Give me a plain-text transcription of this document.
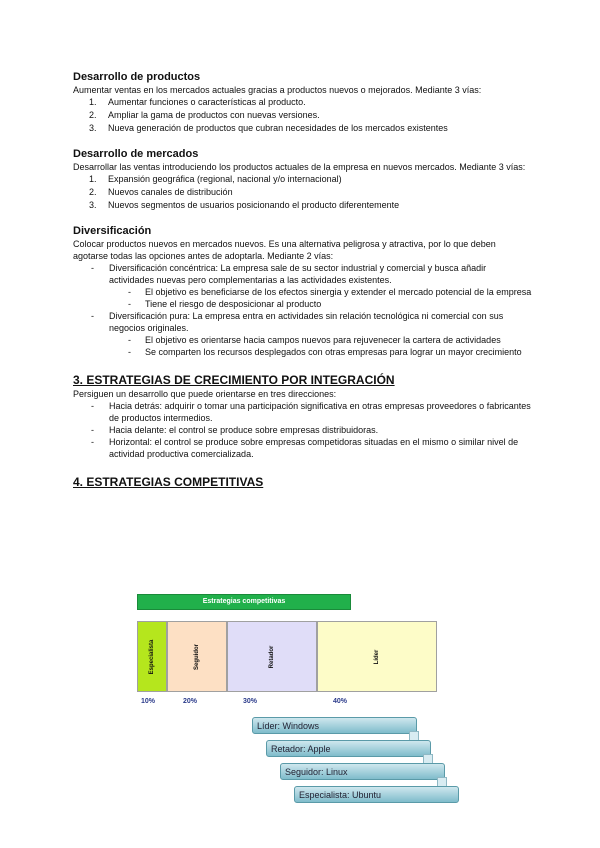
Desarrollo de productos

Aumentar ventas en los mercados actuales gracias a productos nuevos o mejorados. Mediante 3 vías:

1. Aumentar funciones o características al producto.
2. Ampliar la gama de productos con nuevas versiones.
3. Nueva generación de productos que cubran necesidades de los mercados existentes

Desarrollo de mercados

Desarrollar las ventas introduciendo los productos actuales de la empresa en nuevos mercados. Mediante 3 vías:

1. Expansión geográfica (regional, nacional y/o internacional)
2. Nuevos canales de distribución
3. Nuevos segmentos de usuarios posicionando el producto diferentemente

Diversificación

Colocar productos nuevos en mercados nuevos. Es una alternativa peligrosa y atractiva, por lo que deben agotarse todas las opciones antes de adoptarla. Mediante 2 vías:

- Diversificación concéntrica: La empresa sale de su sector industrial y comercial y busca añadir actividades nuevas pero complementarias a las actividades existentes.
- El objetivo es beneficiarse de los efectos sinergia y extender el mercado potencial de la empresa
- Tiene el riesgo de desposicionar al producto
- Diversificación pura: La empresa entra en actividades sin relación tecnológica ni comercial con sus negocios originales.
- El objetivo es orientarse hacia campos nuevos para rejuvenecer la cartera de actividades
- Se comparten los recursos desplegados con otras empresas para lograr un mayor crecimiento

3. ESTRATEGIAS DE CRECIMIENTO POR INTEGRACIÓN

Persiguen un desarrollo que puede orientarse en tres direcciones:

- Hacia detrás: adquirir o tomar una participación significativa en otras empresas proveedores o fabricantes de productos intermedios.
- Hacia delante: el control se produce sobre empresas distribuidoras.
- Horizontal: el control se produce sobre empresas competidoras situadas en el mismo o similar nivel de actividad productiva comercializada.

4. ESTRATEGIAS COMPETITIVAS

Estrategias competitivas
Especialista
10%
Seguidor
20%
Retador
30%
Líder
40%
Líder: Windows
Retador: Apple
Seguidor: Linux
Especialista: Ubuntu
